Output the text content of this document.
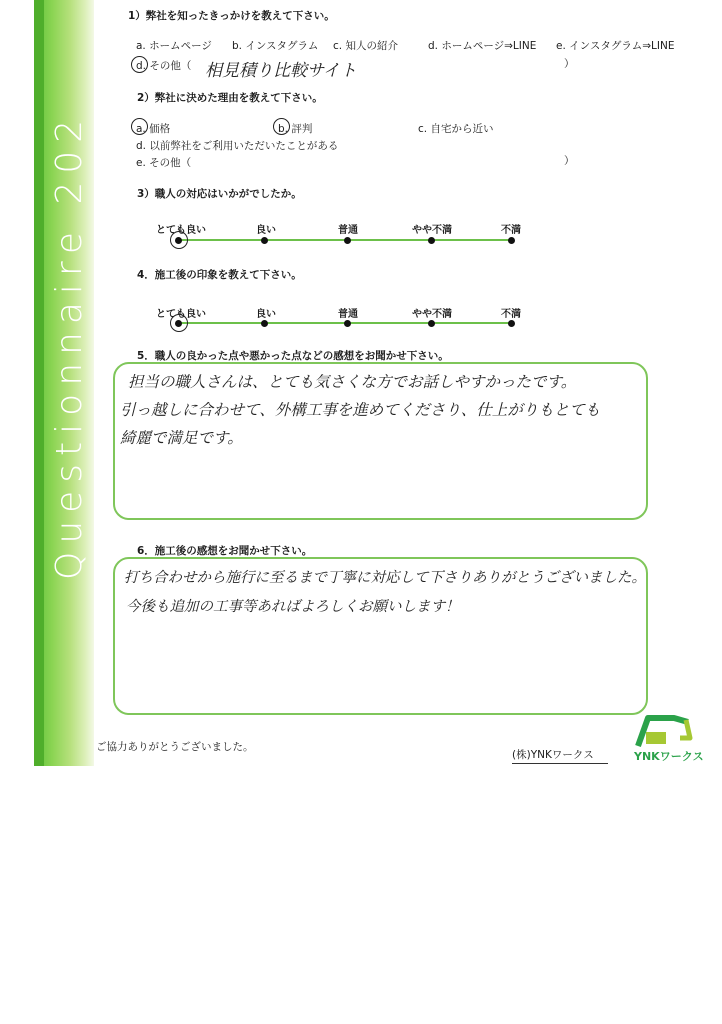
Questionnaire 202
1）弊社を知ったきっかけを教えて下さい。
a. ホームページ b. インスタグラム c. 知人の紹介	d. ホームページ⇒LINE e. インスタグラム⇒LINE
d. その他（ 相見積り比較サイト	）
2）弊社に決めた理由を教えて下さい。
a. 価格	b. 評判	c. 自宅から近い
d. 以前弊社をご利用いただいたことがある
e. その他（	）
3）職人の対応はいかがでしたか。
とても良い	良い	普通	やや不満	不満
4．施工後の印象を教えて下さい。
とても良い	良い	普通	やや不満	不満
5．職人の良かった点や悪かった点などの感想をお聞かせ下さい。
担当の職人さんは、とても気さくな方でお話しやすかったです。
引っ越しに合わせて、外構工事を進めてくださり、仕上がりもとても
綺麗で満足です。
6．施工後の感想をお聞かせ下さい。
打ち合わせから施行に至るまで丁寧に対応して下さりありがとうございました。
今後も追加の工事等あればよろしくお願いします！
ご協力ありがとうございました。
(株)YNKワークス	YNKワークス
